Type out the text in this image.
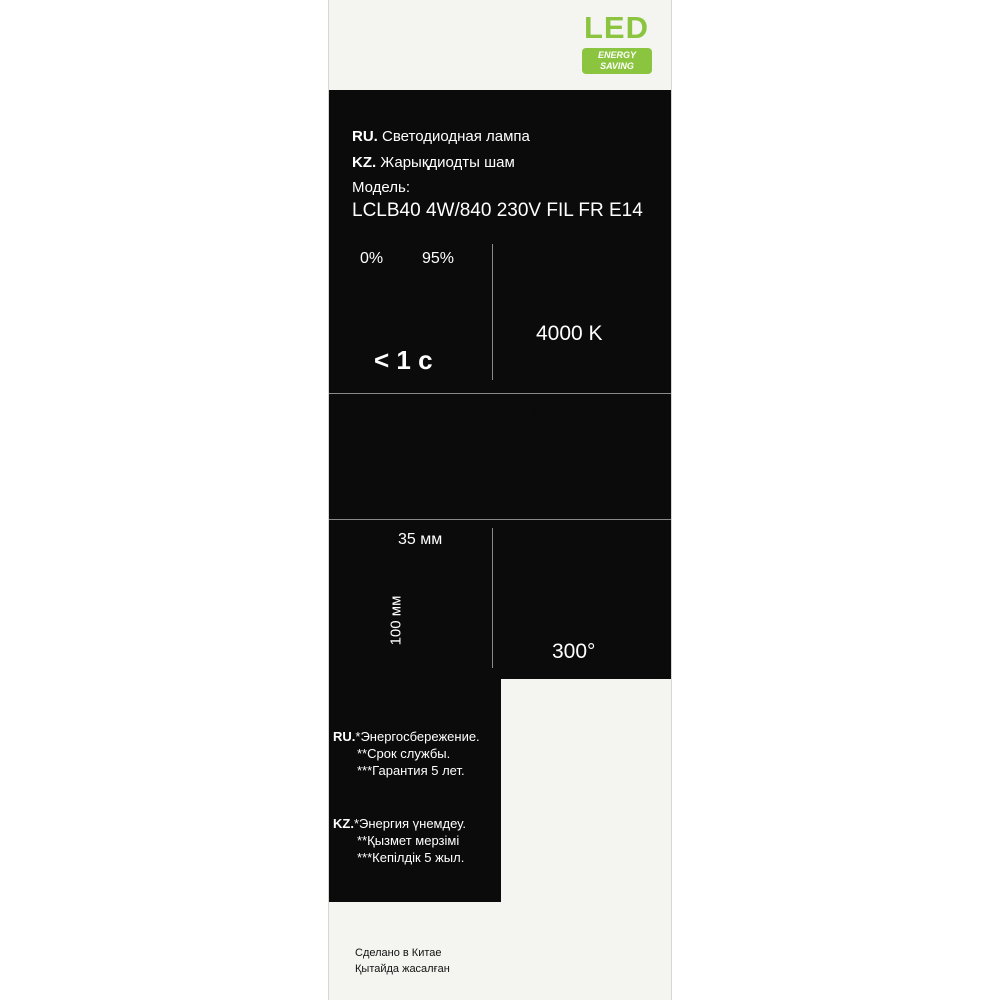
LED
ENERGY
SAVING
RU. Светодиодная лампа
KZ. Жарықдиодты шам
Модель:
LCLB40 4W/840 230V FIL FR E14
0% 95%
< 1 с
4000 K
1	2
35 мм
100 мм
300°
RU.*Энергосбережение.
**Срок службы.
***Гарантия 5 лет.
KZ.*Энергия үнемдеу.
**Қызмет мерзімі
***Кепілдік 5 жыл.
Сделано в Китае
Қытайда жасалған
